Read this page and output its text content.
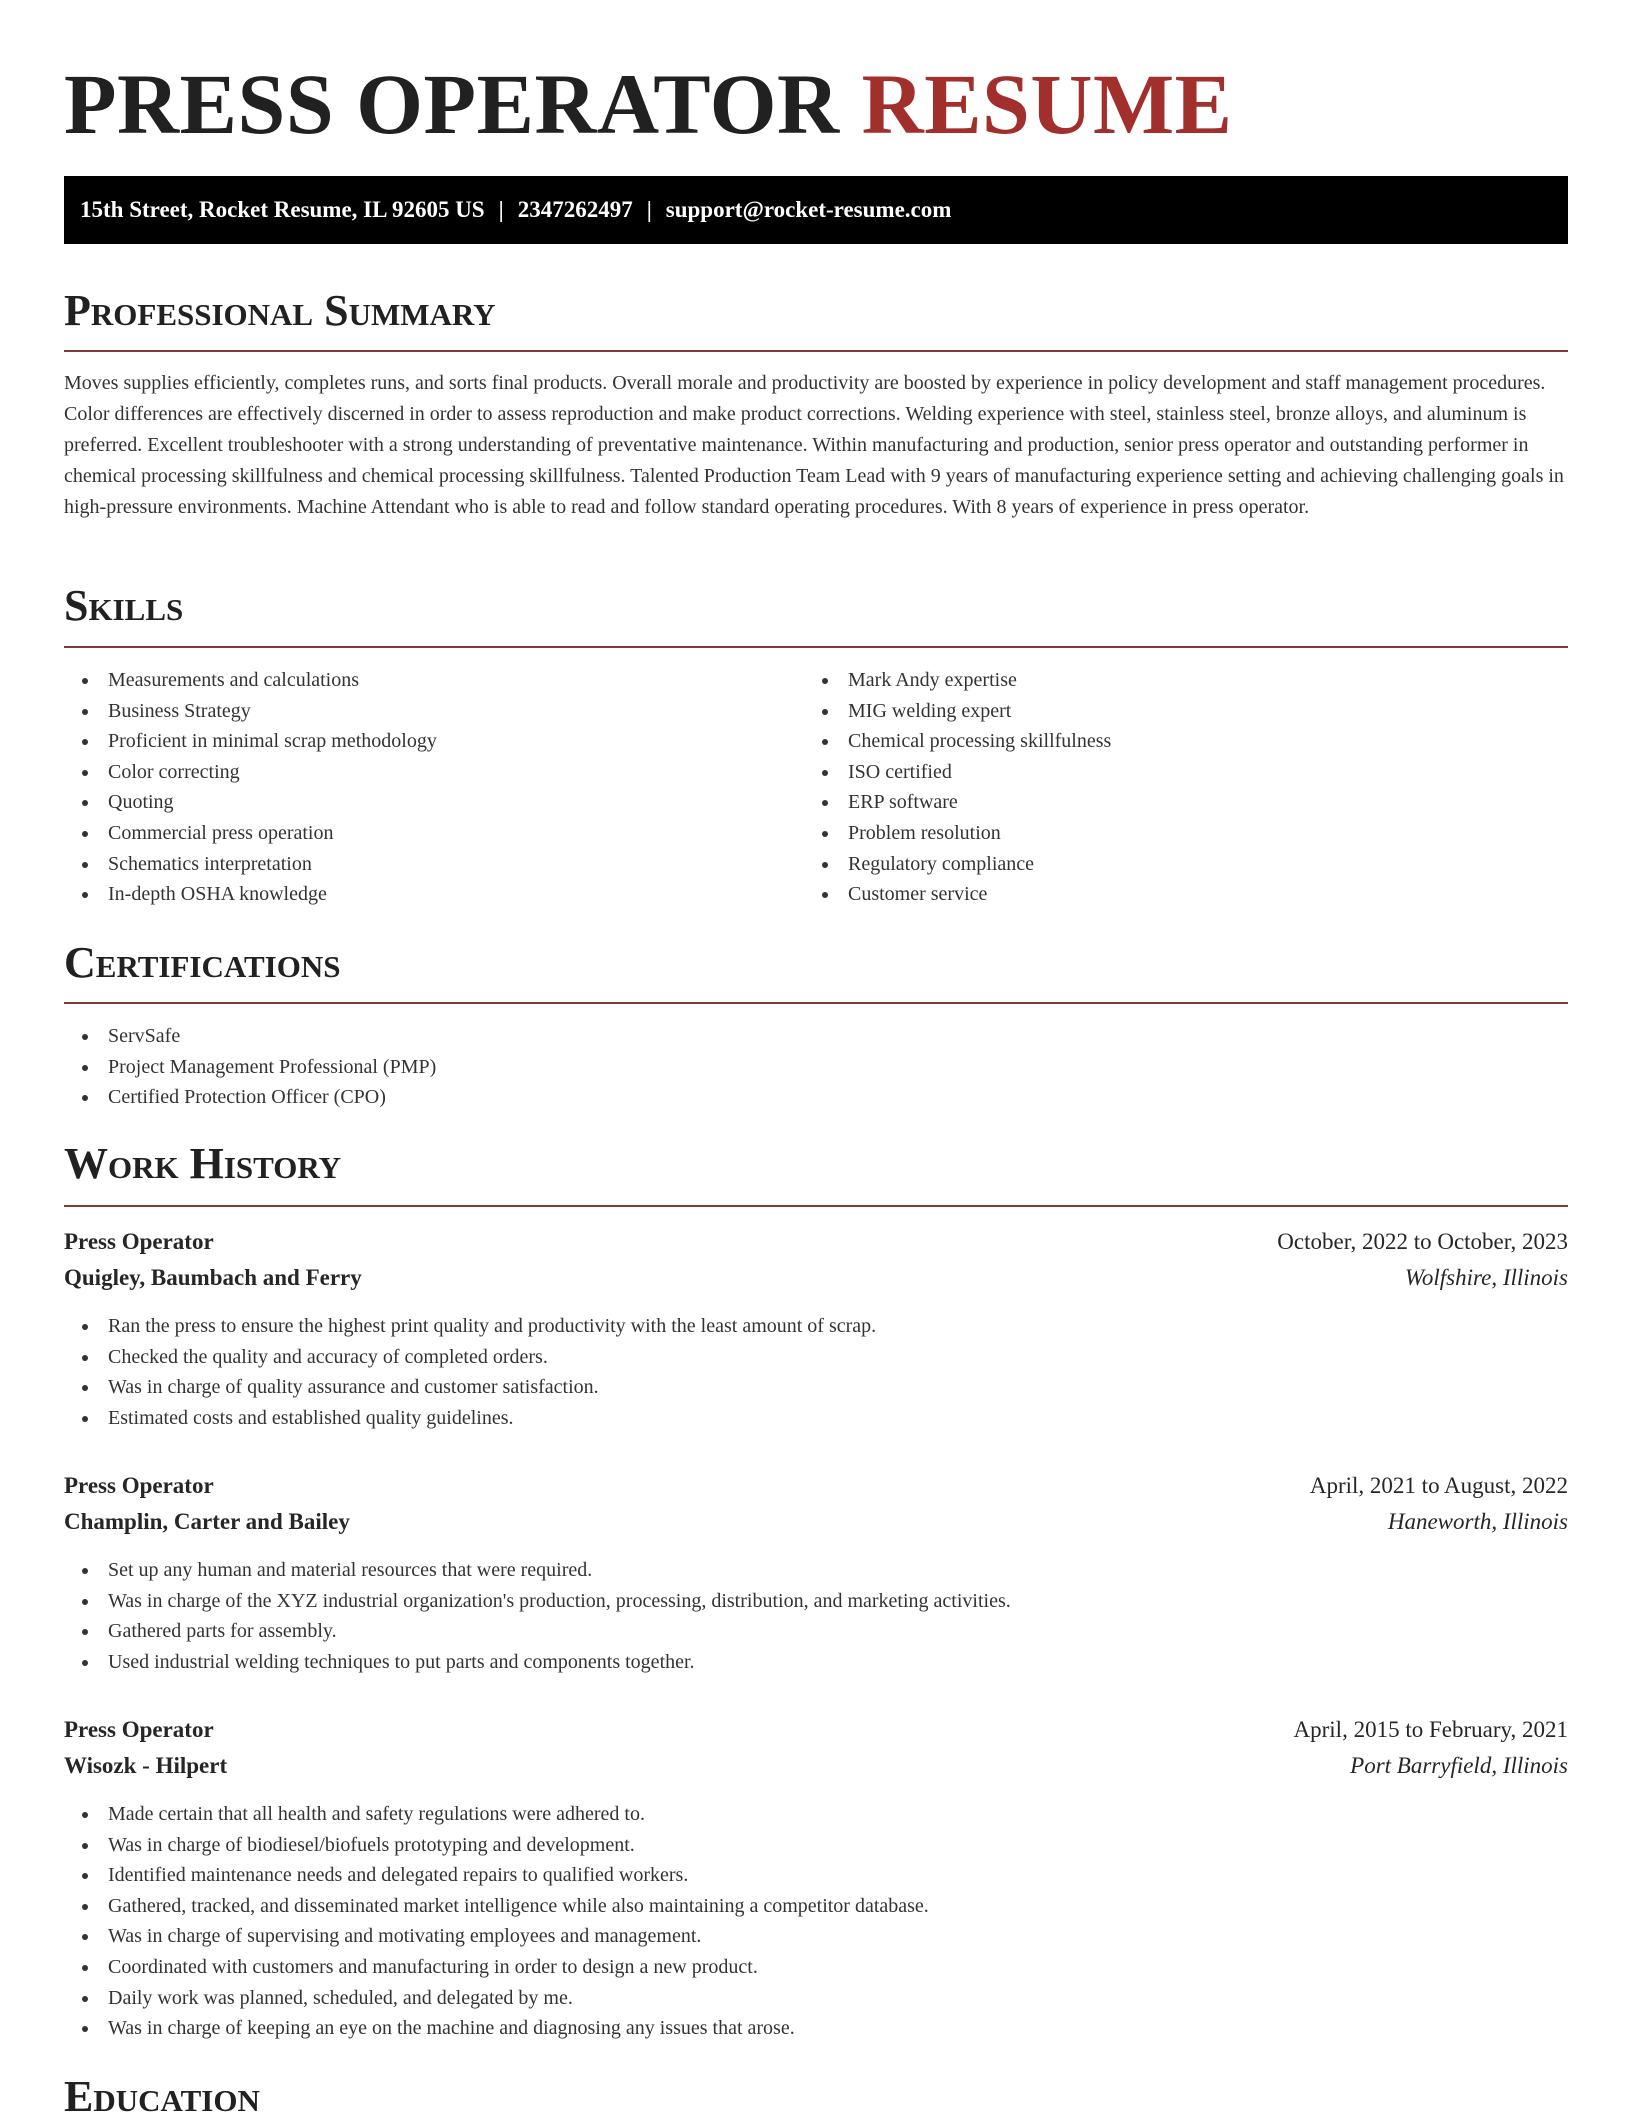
PRESS OPERATOR RESUME
15th Street, Rocket Resume, IL 92605 US | 2347262497 | support@rocket-resume.com
Professional Summary

Moves supplies efficiently, completes runs, and sorts final products. Overall morale and productivity are boosted by experience in policy development and staff management procedures. Color differences are effectively discerned in order to assess reproduction and make product corrections. Welding experience with steel, stainless steel, bronze alloys, and aluminum is preferred. Excellent troubleshooter with a strong understanding of preventative maintenance. Within manufacturing and production, senior press operator and outstanding performer in chemical processing skillfulness and chemical processing skillfulness. Talented Production Team Lead with 9 years of manufacturing experience setting and achieving challenging goals in high-pressure environments. Machine Attendant who is able to read and follow standard operating procedures. With 8 years of experience in press operator.

Skills
Measurements and calculations
Business Strategy
Proficient in minimal scrap methodology
Color correcting
Quoting
Commercial press operation
Schematics interpretation
In-depth OSHA knowledge
Mark Andy expertise
MIG welding expert
Chemical processing skillfulness
ISO certified
ERP software
Problem resolution
Regulatory compliance
Customer service
Certifications
ServSafe
Project Management Professional (PMP)
Certified Protection Officer (CPO)
Work History
Press Operator	October, 2022 to October, 2023
Quigley, Baumbach and Ferry	Wolfshire, Illinois
Ran the press to ensure the highest print quality and productivity with the least amount of scrap.
Checked the quality and accuracy of completed orders.
Was in charge of quality assurance and customer satisfaction.
Estimated costs and established quality guidelines.
Press Operator	April, 2021 to August, 2022
Champlin, Carter and Bailey	Haneworth, Illinois
Set up any human and material resources that were required.
Was in charge of the XYZ industrial organization's production, processing, distribution, and marketing activities.
Gathered parts for assembly.
Used industrial welding techniques to put parts and components together.
Press Operator	April, 2015 to February, 2021
Wisozk - Hilpert	Port Barryfield, Illinois
Made certain that all health and safety regulations were adhered to.
Was in charge of biodiesel/biofuels prototyping and development.
Identified maintenance needs and delegated repairs to qualified workers.
Gathered, tracked, and disseminated market intelligence while also maintaining a competitor database.
Was in charge of supervising and motivating employees and management.
Coordinated with customers and manufacturing in order to design a new product.
Daily work was planned, scheduled, and delegated by me.
Was in charge of keeping an eye on the machine and diagnosing any issues that arose.
Education
